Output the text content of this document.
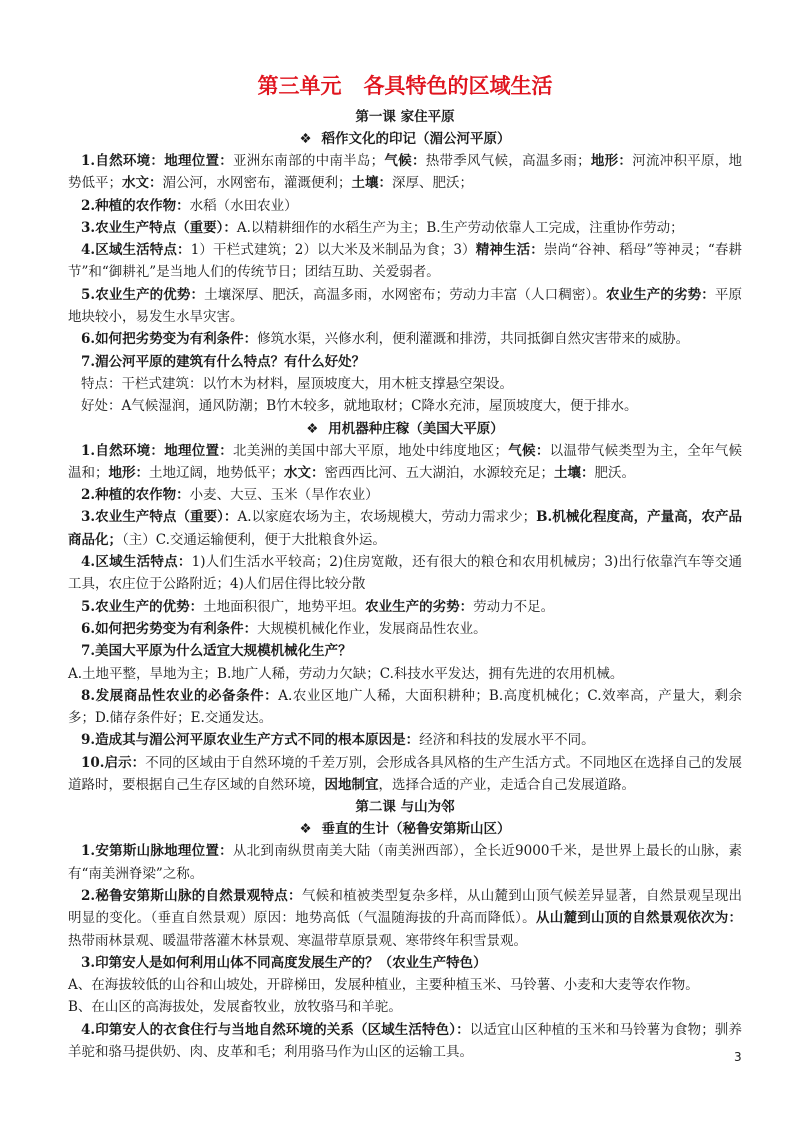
第三单元 各具特色的区域生活
第一课 家住平原
❖ 稻作文化的印记（湄公河平原）

1.自然环境：地理位置：亚洲东南部的中南半岛；气候：热带季风气候，高温多雨；地形：河流冲积平原，地势低平；水文：湄公河，水网密布，灌溉便利；土壤：深厚、肥沃；

2.种植的农作物：水稻（水田农业）

3.农业生产特点（重要）：A.以精耕细作的水稻生产为主；B.生产劳动依靠人工完成，注重协作劳动；

4.区域生活特点：1）干栏式建筑；2）以大米及米制品为食；3）精神生活：崇尚“谷神、稻母”等神灵；“春耕节”和“御耕礼”是当地人们的传统节日；团结互助、关爱弱者。

5.农业生产的优势：土壤深厚、肥沃，高温多雨，水网密布；劳动力丰富（人口稠密）。农业生产的劣势：平原地块较小，易发生水旱灾害。

6.如何把劣势变为有利条件：修筑水渠，兴修水利，便利灌溉和排涝，共同抵御自然灾害带来的威胁。

7.湄公河平原的建筑有什么特点？有什么好处？

特点：干栏式建筑：以竹木为材料，屋顶坡度大，用木桩支撑悬空架设。

好处：A气候湿润，通风防潮；B竹木较多，就地取材；C降水充沛，屋顶坡度大，便于排水。

❖ 用机器种庄稼（美国大平原）

1.自然环境：地理位置：北美洲的美国中部大平原，地处中纬度地区；气候：以温带气候类型为主，全年气候温和；地形：土地辽阔，地势低平；水文：密西西比河、五大湖泊，水源较充足；土壤：肥沃。

2.种植的农作物：小麦、大豆、玉米（旱作农业）

3.农业生产特点（重要）：A.以家庭农场为主，农场规模大，劳动力需求少；B.机械化程度高，产量高，农产品商品化；（主）C.交通运输便利，便于大批粮食外运。

4.区域生活特点：1)人们生活水平较高；2)住房宽敞，还有很大的粮仓和农用机械房；3)出行依靠汽车等交通工具，农庄位于公路附近；4)人们居住得比较分散

5.农业生产的优势：土地面积很广，地势平坦。农业生产的劣势：劳动力不足。

6.如何把劣势变为有利条件：大规模机械化作业，发展商品性农业。

7.美国大平原为什么适宜大规模机械化生产？

A.土地平整，旱地为主；B.地广人稀，劳动力欠缺；C.科技水平发达，拥有先进的农用机械。

8.发展商品性农业的必备条件：A.农业区地广人稀，大面积耕种；B.高度机械化；C.效率高，产量大，剩余多；D.储存条件好；E.交通发达。

9.造成其与湄公河平原农业生产方式不同的根本原因是：经济和科技的发展水平不同。

10.启示：不同的区域由于自然环境的千差万别，会形成各具风格的生产生活方式。不同地区在选择自己的发展道路时，要根据自己生存区域的自然环境，因地制宜，选择合适的产业，走适合自己发展道路。

第二课 与山为邻
❖ 垂直的生计（秘鲁安第斯山区）

1.安第斯山脉地理位置：从北到南纵贯南美大陆（南美洲西部），全长近9000千米，是世界上最长的山脉，素有“南美洲脊梁”之称。

2.秘鲁安第斯山脉的自然景观特点：气候和植被类型复杂多样，从山麓到山顶气候差异显著，自然景观呈现出明显的变化。（垂直自然景观）原因：地势高低（气温随海拔的升高而降低）。从山麓到山顶的自然景观依次为：热带雨林景观、暖温带落灌木林景观、寒温带草原景观、寒带终年积雪景观。

3.印第安人是如何利用山体不同高度发展生产的？（农业生产特色）

A、在海拔较低的山谷和山坡处，开辟梯田，发展种植业，主要种植玉米、马铃薯、小麦和大麦等农作物。

B、在山区的高海拔处，发展畜牧业，放牧骆马和羊驼。

4.印第安人的衣食住行与当地自然环境的关系（区域生活特色）：以适宜山区种植的玉米和马铃薯为食物；驯养羊驼和骆马提供奶、肉、皮革和毛；利用骆马作为山区的运输工具。	3
